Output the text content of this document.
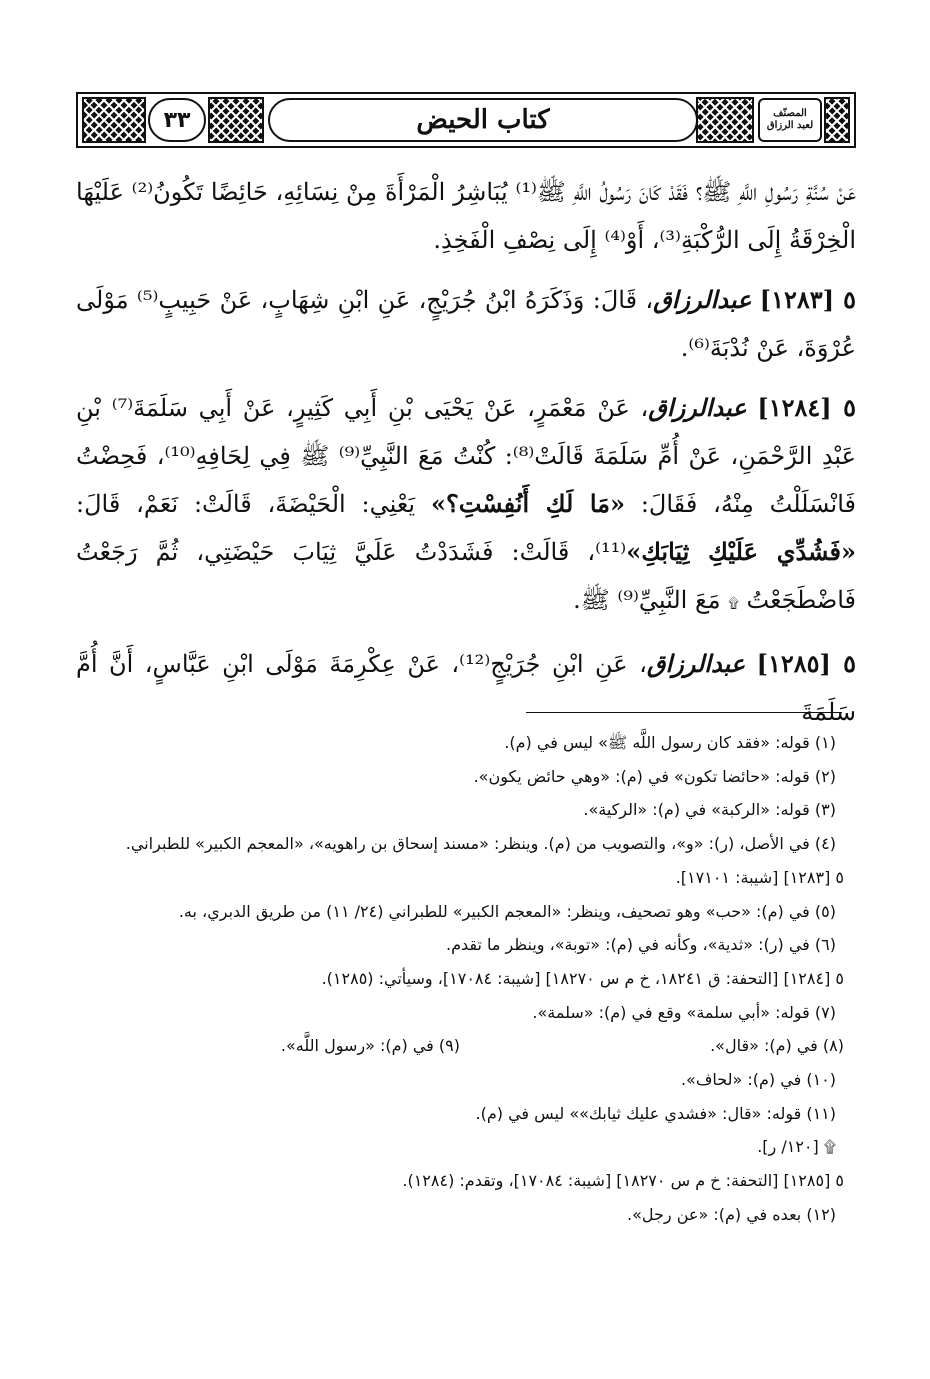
٣٣	كتاب الحيض	المصنّف
لعبد الرزاق

عَنْ سُنَّةِ رَسُولِ اللَّهِ ﷺ؟ فَقَدْ كَانَ رَسُولُ اللَّهِ ﷺ⁽¹⁾ يُبَاشِرُ الْمَرْأَةَ مِنْ نِسَائِهِ، حَائِضًا تَكُونُ⁽²⁾ عَلَيْهَا الْخِرْقَةُ إِلَى الرُّكْبَةِ⁽³⁾، أَوْ⁽⁴⁾ إِلَى نِصْفِ الْفَخِذِ.

٥ [١٢٨٣] عبدالرزاق، قَالَ: وَذَكَرَهُ ابْنُ جُرَيْجٍ، عَنِ ابْنِ شِهَابٍ، عَنْ حَبِيبٍ⁽⁵⁾ مَوْلَى عُرْوَةَ، عَنْ نُدْبَةَ⁽⁶⁾.

٥ [١٢٨٤] عبدالرزاق، عَنْ مَعْمَرٍ، عَنْ يَحْيَى بْنِ أَبِي كَثِيرٍ، عَنْ أَبِي سَلَمَةَ⁽⁷⁾ بْنِ عَبْدِ الرَّحْمَنِ، عَنْ أُمِّ سَلَمَةَ قَالَتْ⁽⁸⁾: كُنْتُ مَعَ النَّبِيِّ⁽⁹⁾ ﷺ فِي لِحَافِهِ⁽¹⁰⁾، فَحِضْتُ فَانْسَلَلْتُ مِنْهُ، فَقَالَ: «مَا لَكِ أَنُفِسْتِ؟» يَعْنِي: الْحَيْضَةَ، قَالَتْ: نَعَمْ، قَالَ: «فَشُدِّي عَلَيْكِ ثِيَابَكِ»⁽¹¹⁾، قَالَتْ: فَشَدَدْتُ عَلَيَّ ثِيَابَ حَيْضَتِي، ثُمَّ رَجَعْتُ فَاضْطَجَعْتُ ۩ مَعَ النَّبِيِّ⁽⁹⁾ ﷺ.

٥ [١٢٨٥] عبدالرزاق، عَنِ ابْنِ جُرَيْجٍ⁽¹²⁾، عَنْ عِكْرِمَةَ مَوْلَى ابْنِ عَبَّاسٍ، أَنَّ أُمَّ سَلَمَةَ

(١) قوله: «فقد كان رسول اللَّه ﷺ» ليس في (م).
(٢) قوله: «حائضا تكون» في (م): «وهي حائض يكون».
(٣) قوله: «الركبة» في (م): «الركية».
(٤) في الأصل، (ر): «و»، والتصويب من (م). وينظر: «مسند إسحاق بن راهويه»، «المعجم الكبير» للطبراني.
٥ [١٢٨٣] [شيبة: ١٧١٠١].
(٥) في (م): «حب» وهو تصحيف، وينظر: «المعجم الكبير» للطبراني (٢٤/ ١١) من طريق الدبري، به.
(٦) في (ر): «ثدية»، وكأنه في (م): «توبة»، وينظر ما تقدم.
٥ [١٢٨٤] [التحفة: ق ١٨٢٤١، خ م س ١٨٢٧٠] [شيبة: ١٧٠٨٤]، وسيأتي: (١٢٨٥).
(٧) قوله: «أبي سلمة» وقع في (م): «سلمة».
(٨) في (م): «قال».
(٩) في (م): «رسول اللَّه».
(١٠) في (م): «لحاف».
(١١) قوله: «قال: «فشدي عليك ثيابك»» ليس في (م).
۩ [١٢٠/ ر].
٥ [١٢٨٥] [التحفة: خ م س ١٨٢٧٠] [شيبة: ١٧٠٨٤]، وتقدم: (١٢٨٤).
(١٢) بعده في (م): «عن رجل».
